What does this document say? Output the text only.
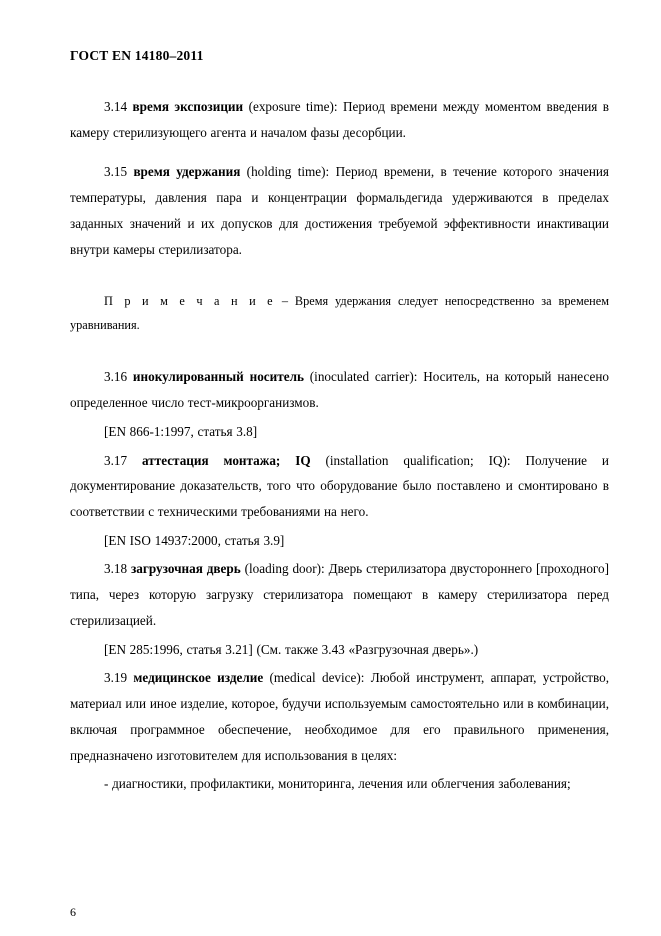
ГОСТ EN 14180–2011

3.14 время экспозиции (exposure time): Период времени между моментом введения в камеру стерилизующего агента и началом фазы десорбции.

3.15 время удержания (holding time): Период времени, в течение которого значения температуры, давления пара и концентрации формальдегида удерживаются в пределах заданных значений и их допусков для достижения требуемой эффективности инактивации внутри камеры стерилизатора.

П р и м е ч а н и е – Время удержания следует непосредственно за временем уравнивания.

3.16 инокулированный носитель (inoculated carrier): Носитель, на который нанесено определенное число тест-микроорганизмов.

[EN 866-1:1997, статья 3.8]

3.17 аттестация монтажа; IQ (installation qualification; IQ): Получение и документирование доказательств, того что оборудование было поставлено и смонтировано в соответствии с техническими требованиями на него.

[EN ISO 14937:2000, статья 3.9]

3.18 загрузочная дверь (loading door): Дверь стерилизатора двустороннего [проходного] типа, через которую загрузку стерилизатора помещают в камеру стерилизатора перед стерилизацией.

[EN 285:1996, статья 3.21] (См. также 3.43 «Разгрузочная дверь».)

3.19 медицинское изделие (medical device): Любой инструмент, аппарат, устройство, материал или иное изделие, которое, будучи используемым самостоятельно или в комбинации, включая программное обеспечение, необходимое для его правильного применения, предназначено изготовителем для использования в целях:

- диагностики, профилактики, мониторинга, лечения или облегчения заболевания;

6
